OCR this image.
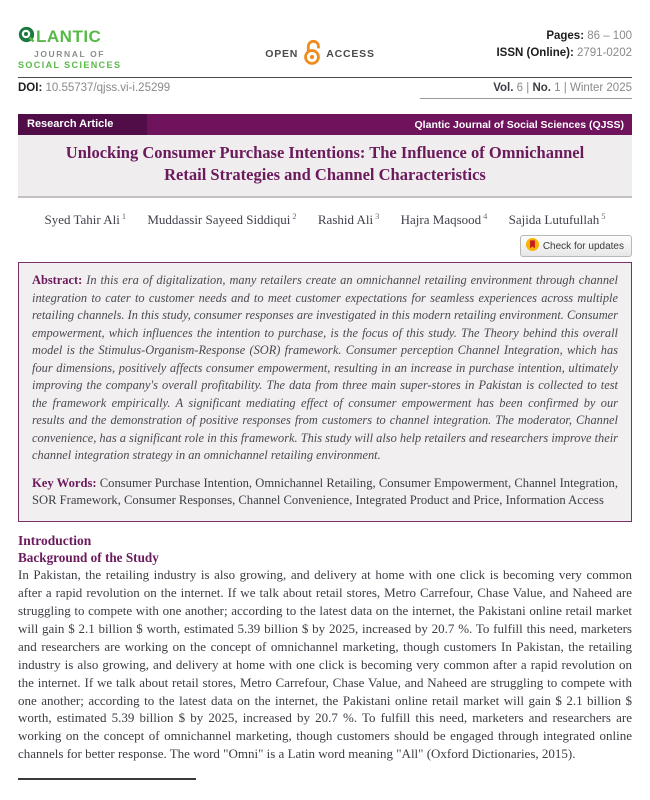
LANTIC
JOURNAL OF
SOCIAL SCIENCES
OPEN	ACCESS
Pages: 86 – 100
ISSN (Online): 2791-0202
DOI: 10.55737/qjss.vi-i.25299	Vol. 6 | No. 1 | Winter 2025
Research Article	Qlantic Journal of Social Sciences (QJSS)
Unlocking Consumer Purchase Intentions: The Influence of Omnichannel Retail Strategies and Channel Characteristics
Syed Tahir Ali $^1$ Muddassir Sayeed Siddiqui $^2$ Rashid Ali $^3$ Hajra Maqsood $^4$ Sajida Lutufullah $^5$
Check for updates

Abstract: In this era of digitalization, many retailers create an omnichannel retailing environment through channel integration to cater to customer needs and to meet customer expectations for seamless experiences across multiple retailing channels. In this study, consumer responses are investigated in this modern retailing environment. Consumer empowerment, which influences the intention to purchase, is the focus of this study. The Theory behind this overall model is the Stimulus-Organism-Response (SOR) framework. Consumer perception Channel Integration, which has four dimensions, positively affects consumer empowerment, resulting in an increase in purchase intention, ultimately improving the company's overall profitability. The data from three main super-stores in Pakistan is collected to test the framework empirically. A significant mediating effect of consumer empowerment has been confirmed by our results and the demonstration of positive responses from customers to channel integration. The moderator, Channel convenience, has a significant role in this framework. This study will also help retailers and researchers improve their channel integration strategy in an omnichannel retailing environment.

Key Words: Consumer Purchase Intention, Omnichannel Retailing, Consumer Empowerment, Channel Integration, SOR Framework, Consumer Responses, Channel Convenience, Integrated Product and Price, Information Access

Introduction
Background of the Study

In Pakistan, the retailing industry is also growing, and delivery at home with one click is becoming very common after a rapid revolution on the internet. If we talk about retail stores, Metro Carrefour, Chase Value, and Naheed are struggling to compete with one another; according to the latest data on the internet, the Pakistani online retail market will gain $ 2.1 billion $ worth, estimated 5.39 billion $ by 2025, increased by 20.7 %. To fulfill this need, marketers and researchers are working on the concept of omnichannel marketing, though customers In Pakistan, the retailing industry is also growing, and delivery at home with one click is becoming very common after a rapid revolution on the internet. If we talk about retail stores, Metro Carrefour, Chase Value, and Naheed are struggling to compete with one another; according to the latest data on the internet, the Pakistani online retail market will gain $ 2.1 billion $ worth, estimated 5.39 billion $ by 2025, increased by 20.7 %. To fulfill this need, marketers and researchers are working on the concept of omnichannel marketing, though customers should be engaged through integrated online channels for better response. The word "Omni" is a Latin word meaning "All" (Oxford Dictionaries, 2015).
